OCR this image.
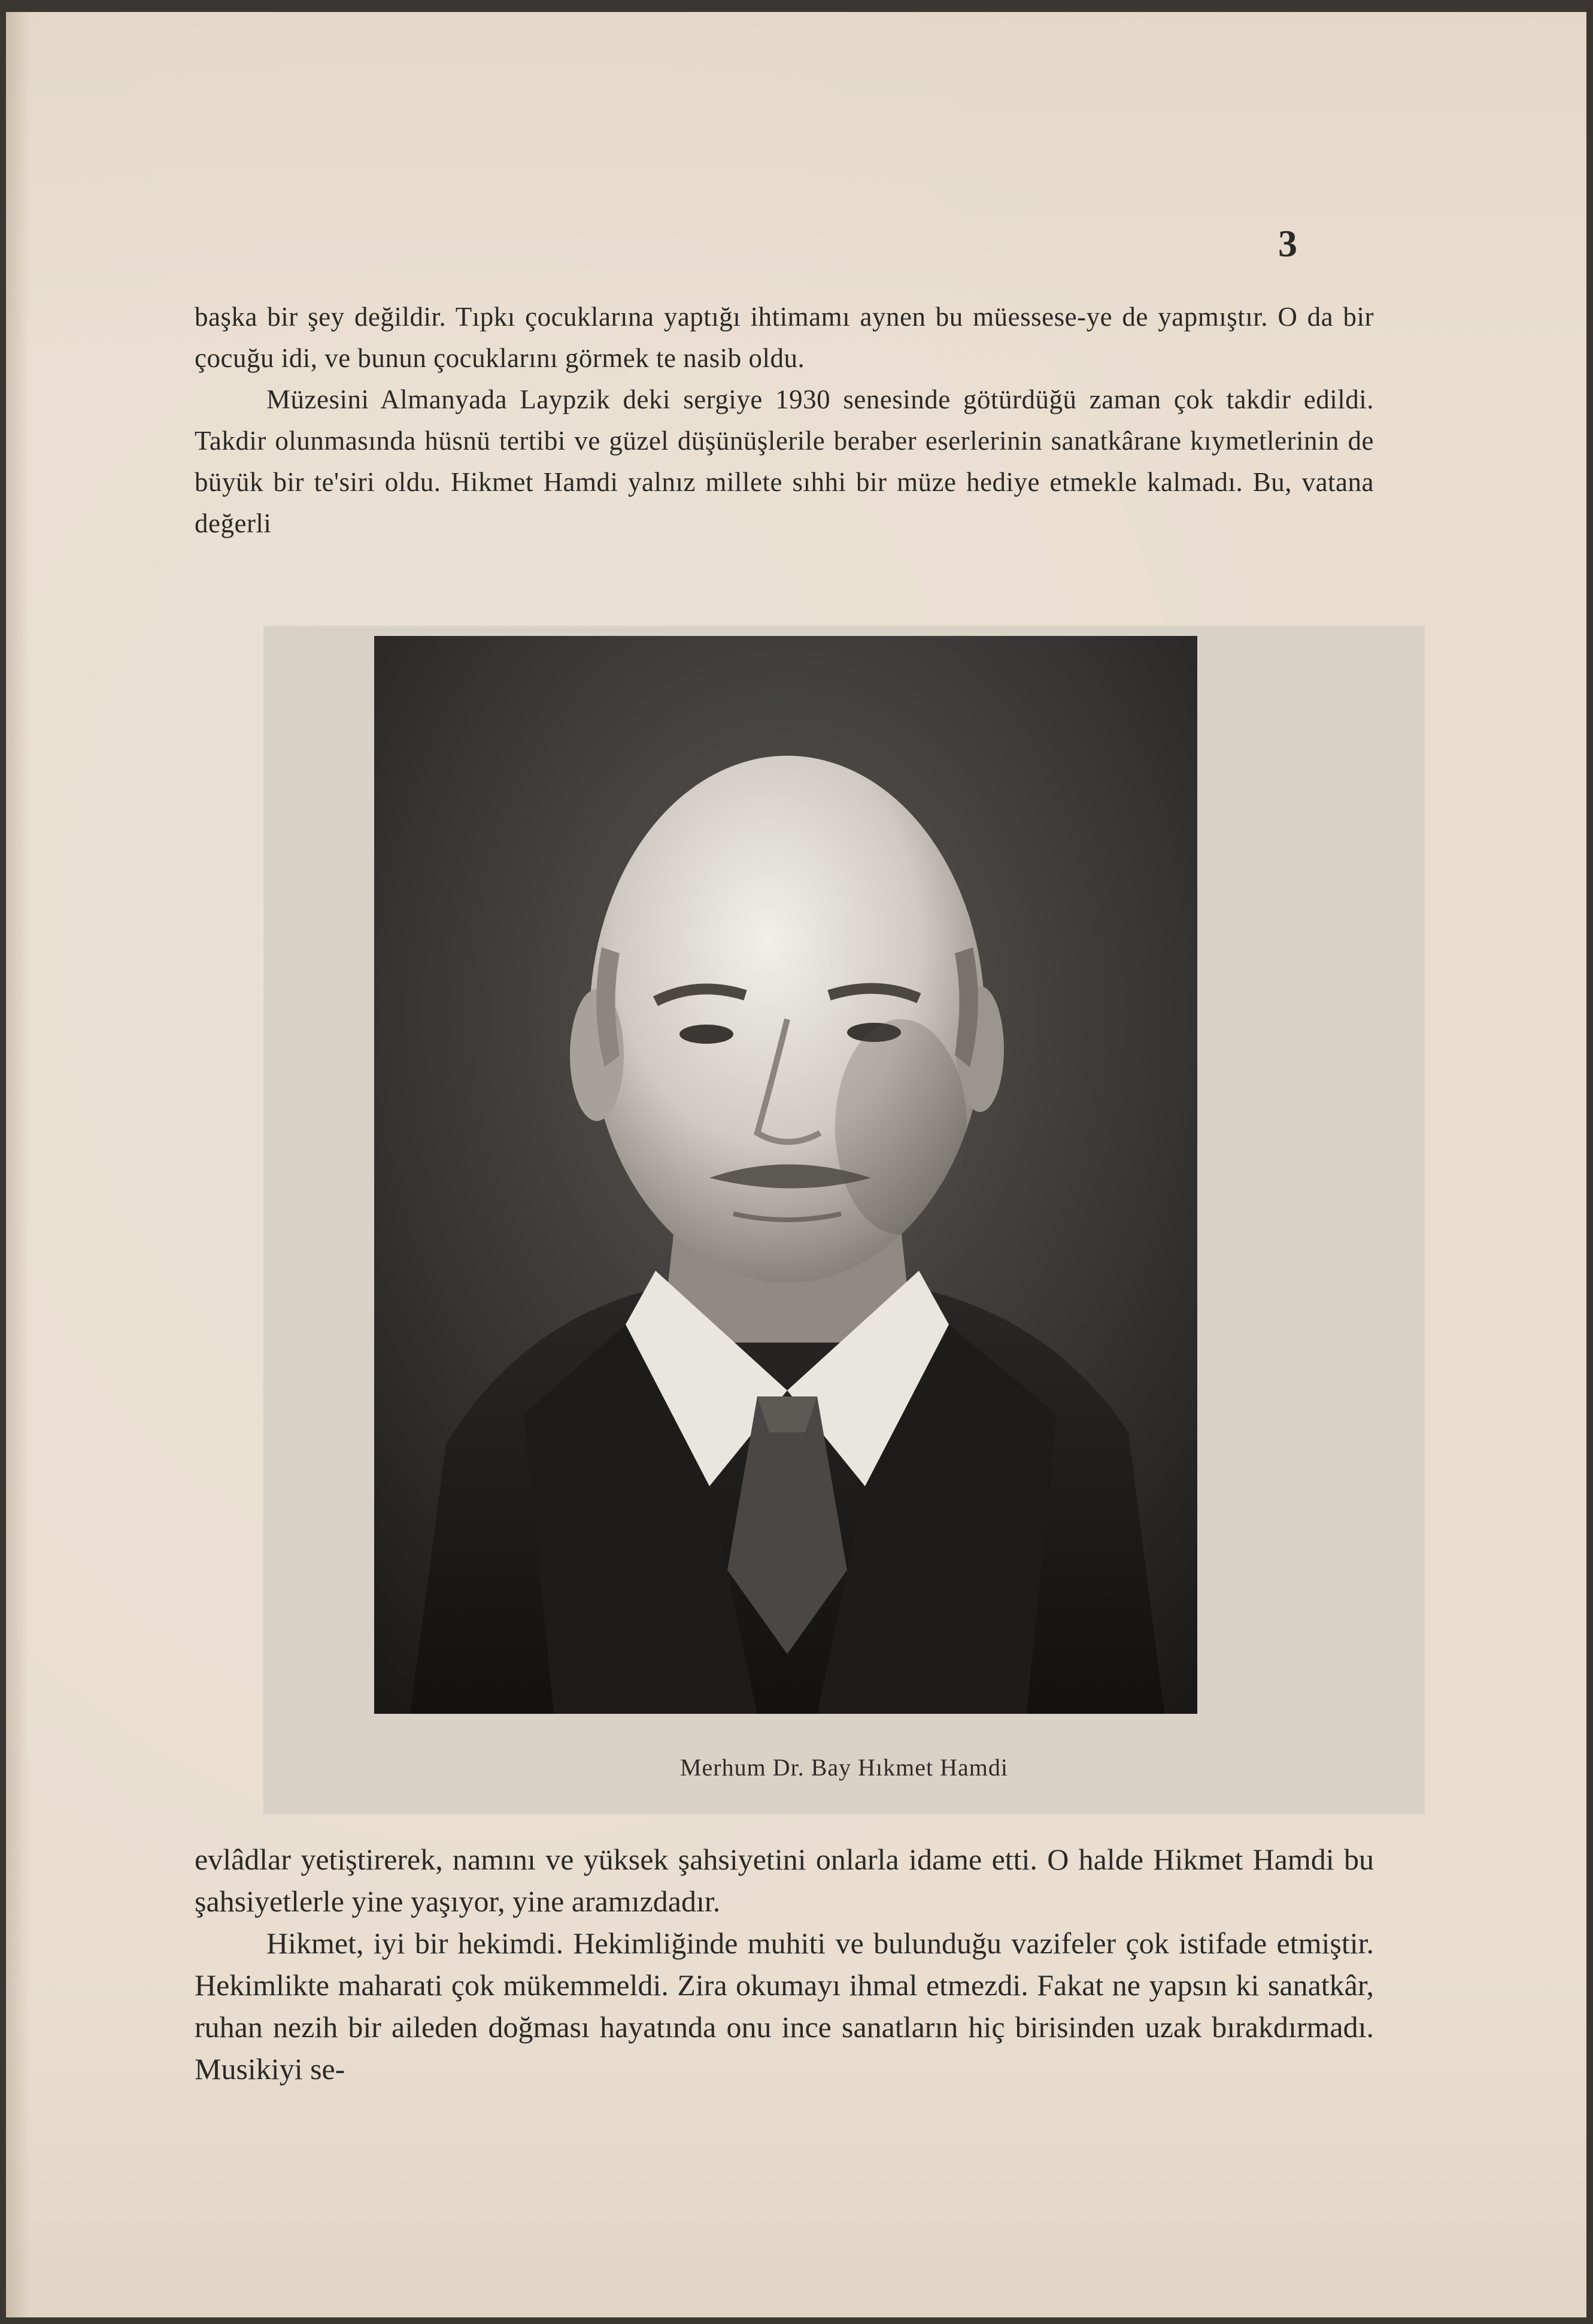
3

başka bir şey değildir. Tıpkı çocuklarına yaptığı ihtimamı aynen bu müessese-ye de yapmıştır. O da bir çocuğu idi, ve bunun çocuklarını görmek te nasib oldu.

Müzesini Almanyada Laypzik deki sergiye 1930 senesinde götürdüğü zaman çok takdir edildi. Takdir olunmasında hüsnü tertibi ve güzel düşünüşlerile beraber eserlerinin sanatkârane kıymetlerinin de büyük bir te'siri oldu. Hikmet Hamdi yalnız millete sıhhi bir müze hediye etmekle kalmadı. Bu, vatana değerli

Merhum Dr. Bay Hıkmet Hamdi

evlâdlar yetiştirerek, namını ve yüksek şahsiyetini onlarla idame etti. O halde Hikmet Hamdi bu şahsiyetlerle yine yaşıyor, yine aramızdadır.

Hikmet, iyi bir hekimdi. Hekimliğinde muhiti ve bulunduğu vazifeler çok istifade etmiştir. Hekimlikte maharati çok mükemmeldi. Zira okumayı ihmal etmezdi. Fakat ne yapsın ki sanatkâr, ruhan nezih bir aileden doğması hayatında onu ince sanatların hiç birisinden uzak bırakdırmadı. Musikiyi se-
